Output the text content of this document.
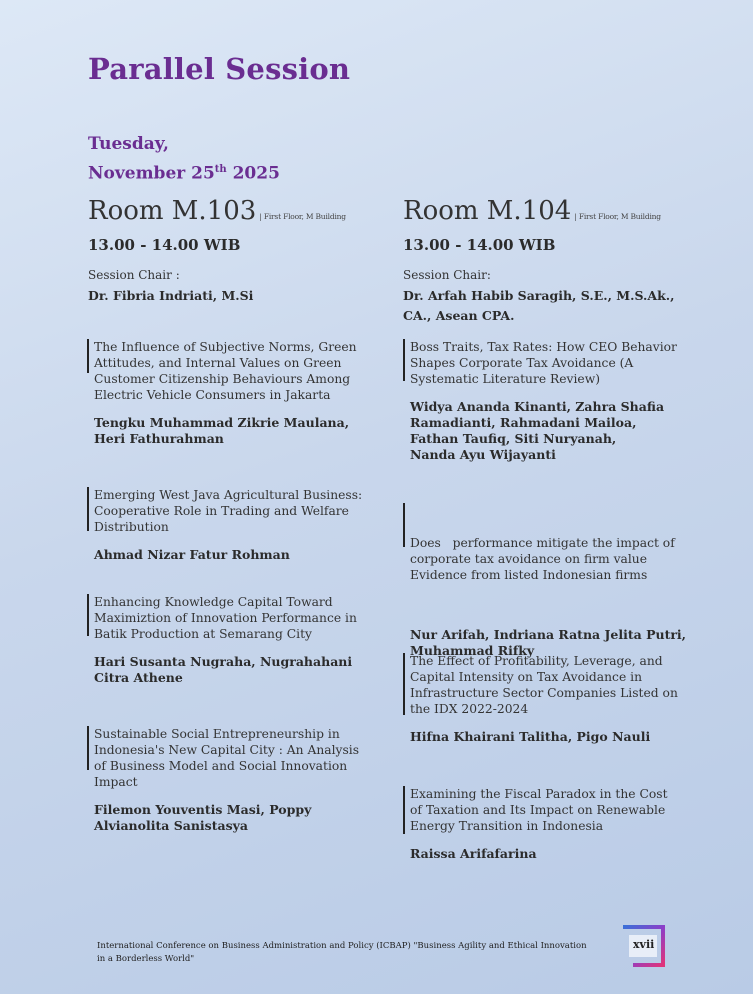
Parallel Session
Tuesday,
November 25th 2025
Room M.103 | First Floor, M Building
13.00 - 14.00 WIB
Session Chair :
Dr. Fibria Indriati, M.Si
Room M.104 | First Floor, M Building
13.00 - 14.00 WIB
Session Chair:
Dr. Arfah Habib Saragih, S.E., M.S.Ak.,
CA., Asean CPA.
The Influence of Subjective Norms, Green
Attitudes, and Internal Values on Green
Customer Citizenship Behaviours Among
Electric Vehicle Consumers in Jakarta
Tengku Muhammad Zikrie Maulana,
Heri Fathurahman
Emerging West Java Agricultural Business:
Cooperative Role in Trading and Welfare
Distribution
Ahmad Nizar Fatur Rohman
Enhancing Knowledge Capital Toward
Maximiztion of Innovation Performance in
Batik Production at Semarang City
Hari Susanta Nugraha, Nugrahahani
Citra Athene
Sustainable Social Entrepreneurship in
Indonesia's New Capital City : An Analysis
of Business Model and Social Innovation
Impact
Filemon Youventis Masi, Poppy
Alvianolita Sanistasya
Boss Traits, Tax Rates: How CEO Behavior
Shapes Corporate Tax Avoidance (A
Systematic Literature Review)
Widya Ananda Kinanti, Zahra Shafia
Ramadianti, Rahmadani Mailoa,
Fathan Taufiq, Siti Nuryanah,
Nanda Ayu Wijayanti

Does   performance mitigate the impact of
corporate tax avoidance on firm value
Evidence from listed Indonesian firms

Nur Arifah, Indriana Ratna Jelita Putri,
Muhammad Rifky
The Effect of Profitability, Leverage, and
Capital Intensity on Tax Avoidance in
Infrastructure Sector Companies Listed on
the IDX 2022-2024
Hifna Khairani Talitha, Pigo Nauli
Examining the Fiscal Paradox in the Cost
of Taxation and Its Impact on Renewable
Energy Transition in Indonesia
Raissa Arifafarina
International Conference on Business Administration and Policy (ICBAP) "Business Agility and Ethical Innovation
in a Borderless World"
xvii
